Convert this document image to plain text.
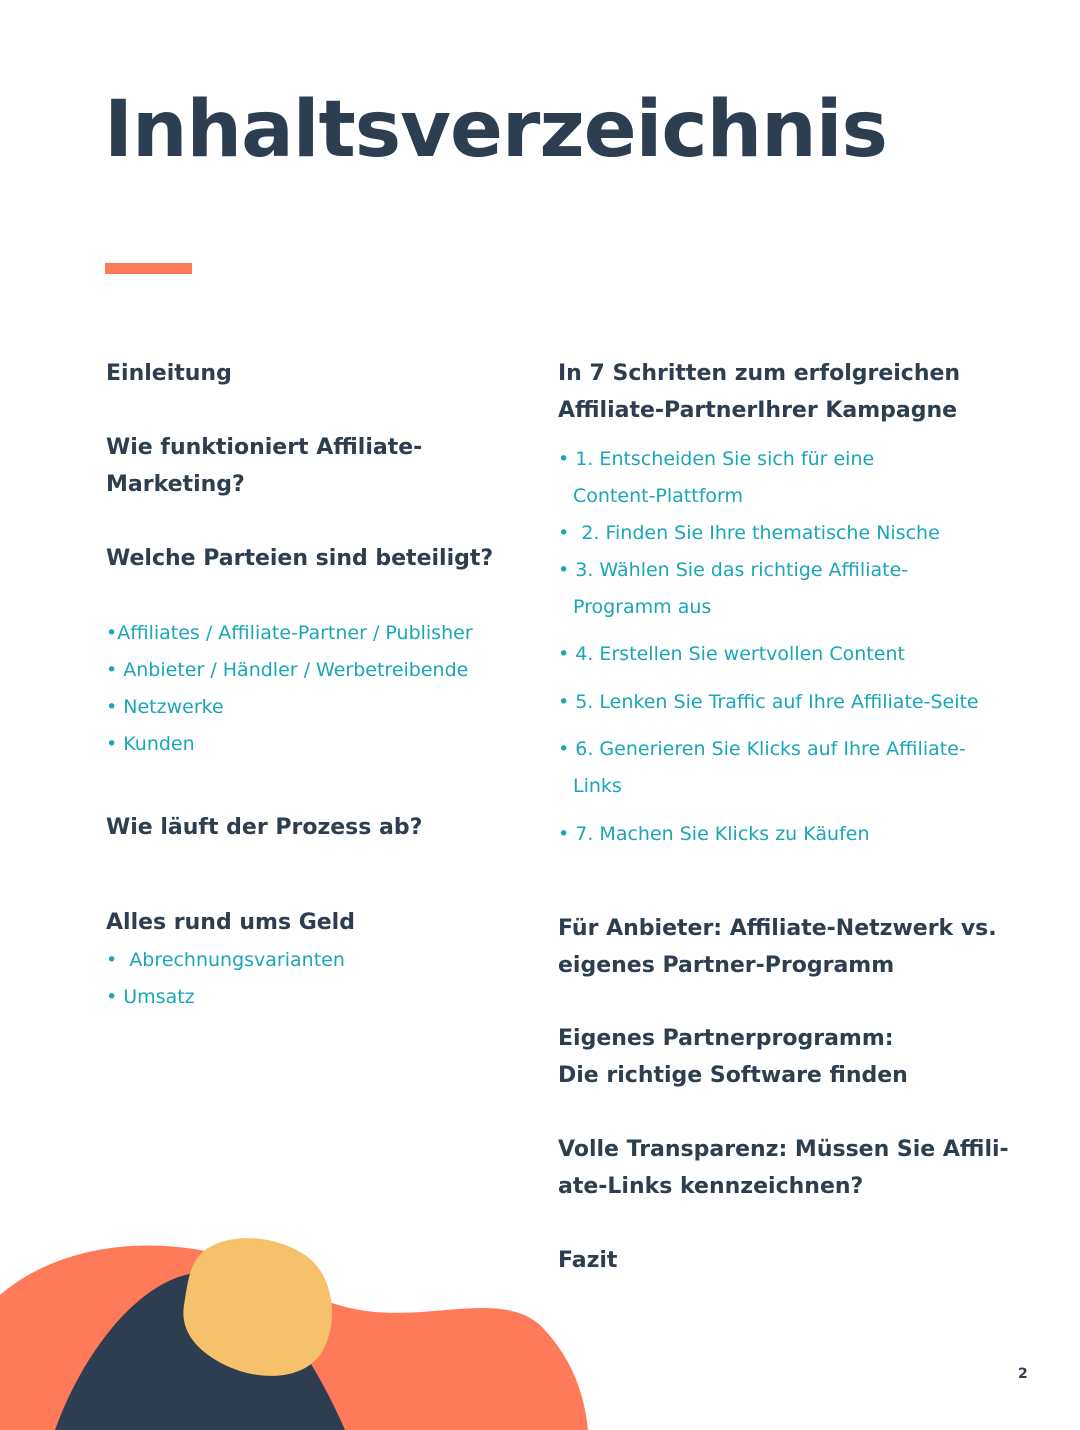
Inhaltsverzeichnis

Einleitung

Wie funktioniert Affiliate-

Marketing?

Welche Parteien sind beteiligt?

•Affiliates / Affiliate-Partner / Publisher

• Anbieter / Händler / Werbetreibende

• Netzwerke

• Kunden

Wie läuft der Prozess ab?

Alles rund ums Geld

• Abrechnungsvarianten

• Umsatz

In 7 Schritten zum erfolgreichen

Affiliate-PartnerIhrer Kampagne

• 1. Entscheiden Sie sich für eine

Content-Plattform

• 2. Finden Sie Ihre thematische Nische

• 3. Wählen Sie das richtige Affiliate-

Programm aus

• 4. Erstellen Sie wertvollen Content

• 5. Lenken Sie Traffic auf Ihre Affiliate-Seite

• 6. Generieren Sie Klicks auf Ihre Affiliate-

Links

• 7. Machen Sie Klicks zu Käufen

Für Anbieter: Affiliate-Netzwerk vs.

eigenes Partner-Programm

Eigenes Partnerprogramm:

Die richtige Software finden

Volle Transparenz: Müssen Sie Affili-

ate-Links kennzeichnen?

Fazit

2
